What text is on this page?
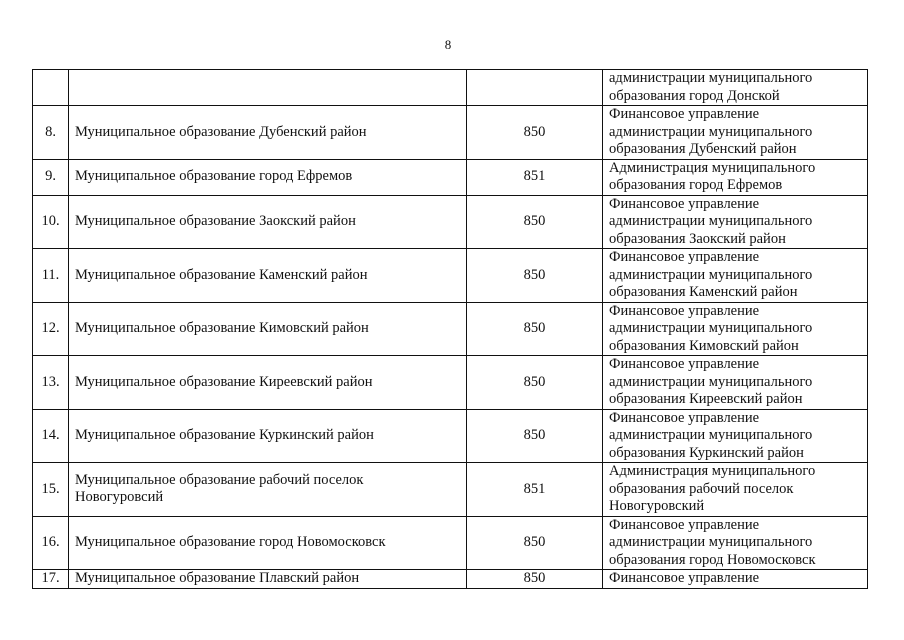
8

			администрации муниципального
образования город Донской

8.	Муниципальное образование Дубенский район	850	Финансовое управление
администрации муниципального
образования Дубенский район

9.	Муниципальное образование город Ефремов	851	Администрация муниципального
образования город Ефремов

10.	Муниципальное образование Заокский район	850	Финансовое управление
администрации муниципального
образования Заокский район

11.	Муниципальное образование Каменский район	850	Финансовое управление
администрации муниципального
образования Каменский район

12.	Муниципальное образование Кимовский район	850	Финансовое управление
администрации муниципального
образования Кимовский район

13.	Муниципальное образование Киреевский район	850	Финансовое управление
администрации муниципального
образования Киреевский район

14.	Муниципальное образование Куркинский район	850	Финансовое управление
администрации муниципального
образования Куркинский район

15.	Муниципальное образование рабочий поселок
Новогуровсий	851	Администрация муниципального
образования рабочий поселок
Новогуровский

16.	Муниципальное образование город Новомосковск	850	Финансовое управление
администрации муниципального
образования город Новомосковск

17.	Муниципальное образование Плавский район	850	Финансовое управление
